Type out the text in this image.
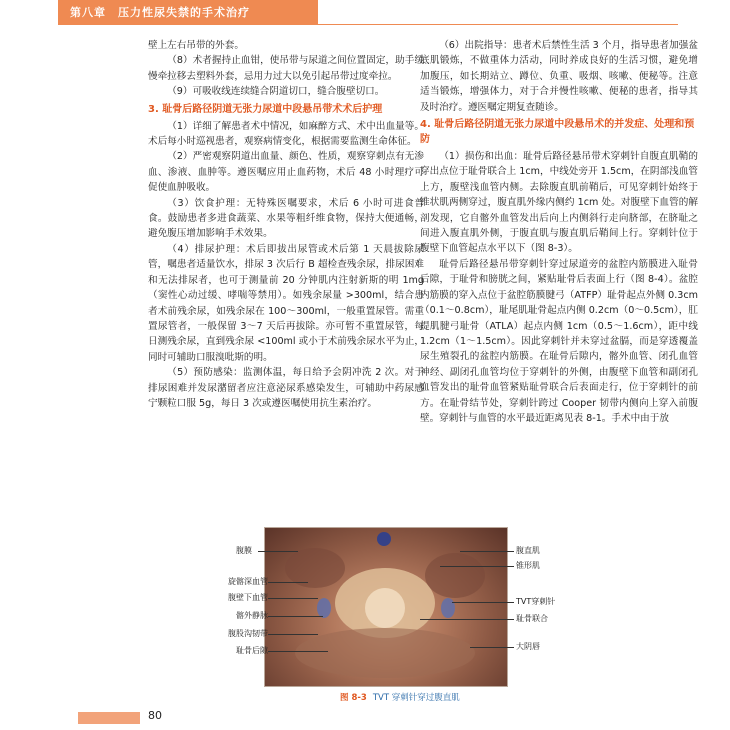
第八章　压力性尿失禁的手术治疗

壁上左右吊带的外套。

（8）术者握持止血钳，使吊带与尿道之间位置固定，助手缓慢牵拉移去塑料外套，忌用力过大以免引起吊带过度牵拉。

（9）可吸收线连续缝合阴道切口，缝合腹壁切口。

3. 耻骨后路径阴道无张力尿道中段悬吊带术术后护理

（1）详细了解患者术中情况，如麻醉方式、术中出血量等。术后每小时巡视患者，观察病情变化，根据需要监测生命体征。

（2）严密观察阴道出血量、颜色、性质，观察穿刺点有无渗血、渗液、血肿等。遵医嘱应用止血药物，术后 48 小时理疗可促使血肿吸收。

（3）饮食护理：无特殊医嘱要求，术后 6 小时可进食普食。鼓励患者多进食蔬菜、水果等粗纤维食物，保持大便通畅，避免腹压增加影响手术效果。

（4）排尿护理：术后即拔出尿管或术后第 1 天晨拔除尿管，嘱患者适量饮水，排尿 3 次后行 B 超检查残余尿，排尿困难和无法排尿者，也可于测量前 20 分钟肌内注射新斯的明 1mg（窦性心动过缓、哮喘等禁用）。如残余尿量 >300ml，结合患者术前残余尿，如残余尿在 100～300ml，一般重置尿管。需重置尿管者，一般保留 3～7 天后再拔除。亦可暂不重置尿管，每日测残余尿，直到残余尿 <100ml 或小于术前残余尿水平为止，同时可辅助口服溴吡斯的明。

（5）预防感染：监测体温，每日给予会阴冲洗 2 次。对于排尿困难并发尿潴留者应注意泌尿系感染发生，可辅助中药尿感宁颗粒口服 5g，每日 3 次或遵医嘱使用抗生素治疗。

（6）出院指导：患者术后禁性生活 3 个月，指导患者加强盆底肌锻炼，不做重体力活动，同时养成良好的生活习惯，避免增加腹压，如长期站立、蹲位、负重、吸烟、咳嗽、便秘等。注意适当锻炼，增强体力，对于合并慢性咳嗽、便秘的患者，指导其及时治疗。遵医嘱定期复查随诊。

4. 耻骨后路径阴道无张力尿道中段悬吊术的并发症、处理和预防

（1）损伤和出血：耻骨后路径悬吊带术穿刺针自腹直肌鞘的穿出点位于耻骨联合上 1cm，中线处旁开 1.5cm，在阴部浅血管上方，腹壁浅血管内侧。去除腹直肌前鞘后，可见穿刺针始终于锥状肌两侧穿过，腹直肌外缘内侧约 1cm 处。对腹壁下血管的解剖发现，它自髂外血管发出后向上内侧斜行走向脐部，在脐耻之间进入腹直肌外侧，于腹直肌与腹直肌后鞘间上行。穿刺针位于腹壁下血管起点水平以下（图 8-3）。

耻骨后路径悬吊带穿刺针穿过尿道旁的盆腔内筋膜进入耻骨后隙，于耻骨和膀胱之间，紧贴耻骨后表面上行（图 8-4）。盆腔内筋膜的穿入点位于盆腔筋膜腱弓（ATFP）耻骨起点外侧 0.3cm（0.1～0.8cm），耻尾肌耻骨起点内侧 0.2cm（0～0.5cm），肛提肌腱弓耻骨（ATLA）起点内侧 1cm（0.5～1.6cm），距中线 1.2cm（1～1.5cm）。因此穿刺针并未穿过盆膈，而是穿透覆盖尿生殖裂孔的盆腔内筋膜。在耻骨后隙内，髂外血管、闭孔血管神经、副闭孔血管均位于穿刺针的外侧，由腹壁下血管和副闭孔血管发出的耻骨血管紧贴耻骨联合后表面走行，位于穿刺针的前方。在耻骨结节处，穿刺针跨过 Cooper 韧带内侧向上穿入前腹壁。穿刺针与血管的水平最近距离见表 8-1。手术中由于放

腹膜
旋髂深血管
腹壁下血管
髂外静脉
腹股沟韧带
耻骨后隙
腹直肌
锥形肌
TVT穿刺针
耻骨联合
大阴唇
图 8-3 TVT 穿刺针穿过腹直肌
80
